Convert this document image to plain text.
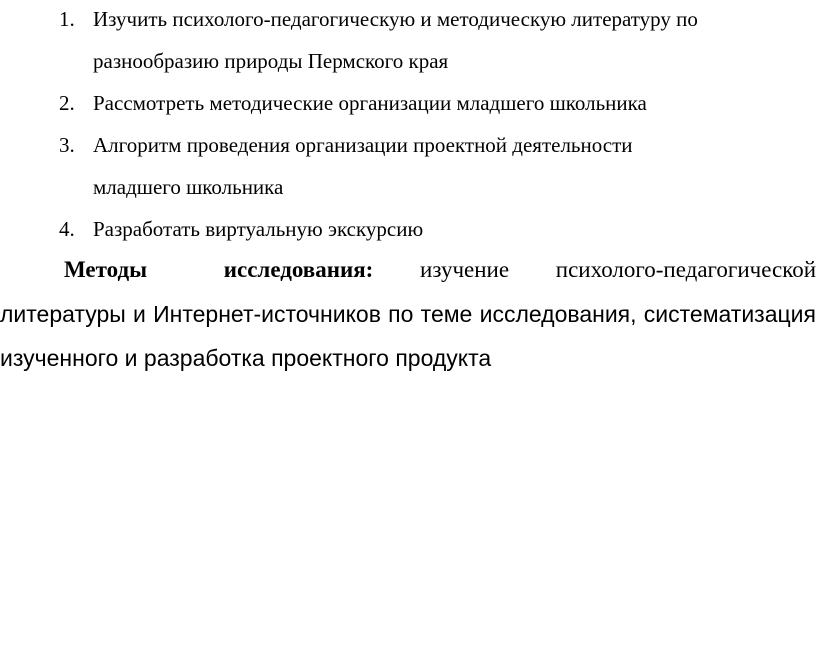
1. Изучить психолого-педагогическую и методическую литературу по
разнообразию природы Пермского края
2. Рассмотреть методические организации младшего школьника
3. Алгоритм проведения организации проектной деятельности
младшего школьника
4. Разработать виртуальную экскурсию
Методы исследования: изучение психолого-педагогической
литературы и Интернет-источников по теме исследования, систематизация
изученного и разработка проектного продукта
